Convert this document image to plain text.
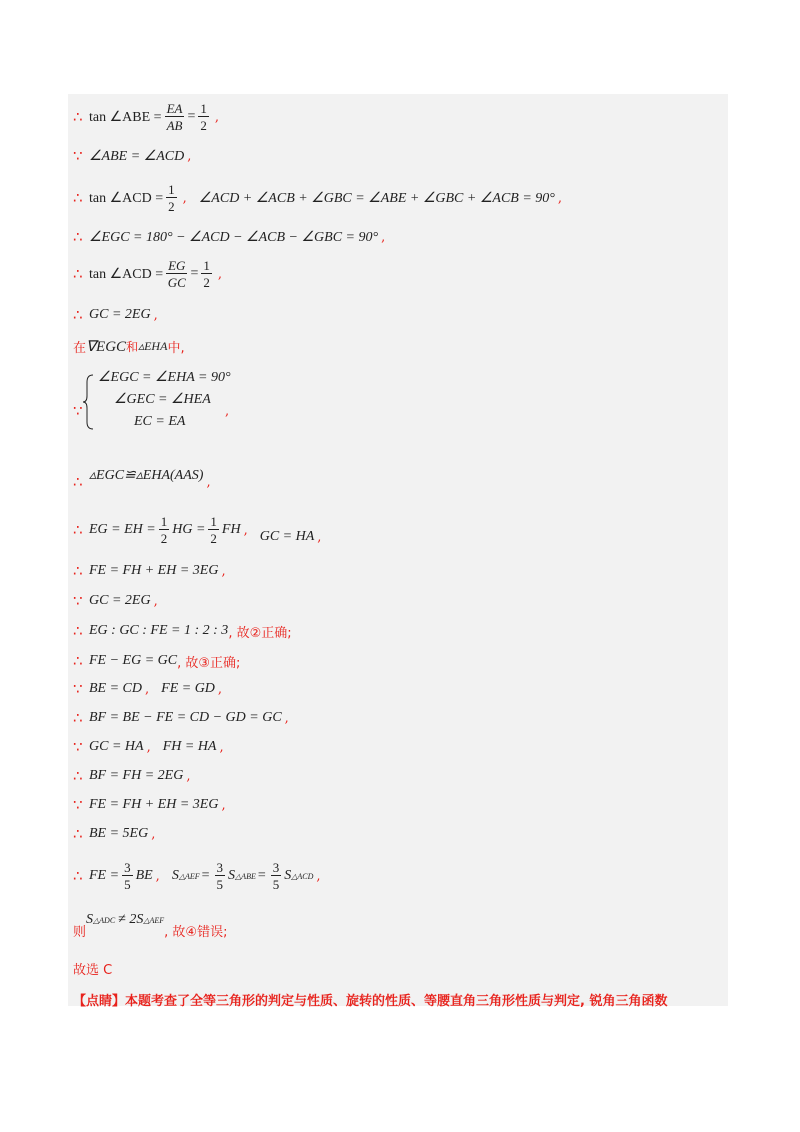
∴ tan ∠ABE = $\frac{EA}{AB} = \frac{1}{2}$ ,
∵ ∠ABE = ∠ACD ,
∴ tan ∠ACD = $\frac{1}{2}$ , ∠ACD + ∠ACB + ∠GBC = ∠ABE + ∠GBC + ∠ACB = 90° ,
∴ ∠EGC = 180° − ∠ACD − ∠ACB − ∠GBC = 90° ,
∴ tan ∠ACD = $\frac{EG}{GC} = \frac{1}{2}$ ,
∴ GC = 2EG ,
在 ∇EGC 和 ▵EHA 中,
∵
∠EGC = ∠EHA = 90°
∠GEC = ∠HEA
EC = EA
,
∴ ▵EGC≌▵EHA(AAS) ,
∴ EG = EH = $\frac{1}{2}$ HG = $\frac{1}{2}$ FH , GC = HA ,
∴ FE = FH + EH = 3EG ,
∵ GC = 2EG ,
∴ EG : GC : FE = 1 : 2 : 3 , 故②正确;
∴ FE − EG = GC , 故③正确;
∵ BE = CD , FE = GD ,
∴ BF = BE − FE = CD − GD = GC ,
∵ GC = HA , FH = HA ,
∴ BF = FH = 2EG ,
∵ FE = FH + EH = 3EG ,
∴ BE = 5EG ,
∴ FE = $\frac{3}{5}$ BE , S △AEF = $\frac{3}{5}$ S △ABE = $\frac{3}{5}$ S △ACD ,
则
S △ADC ≠ 2S △AEF
, 故④错误;
故选 C
【点睛】 本题考查了全等三角形的判定与性质、旋转的性质、等腰直角三角形性质与判定, 锐角三角函数
